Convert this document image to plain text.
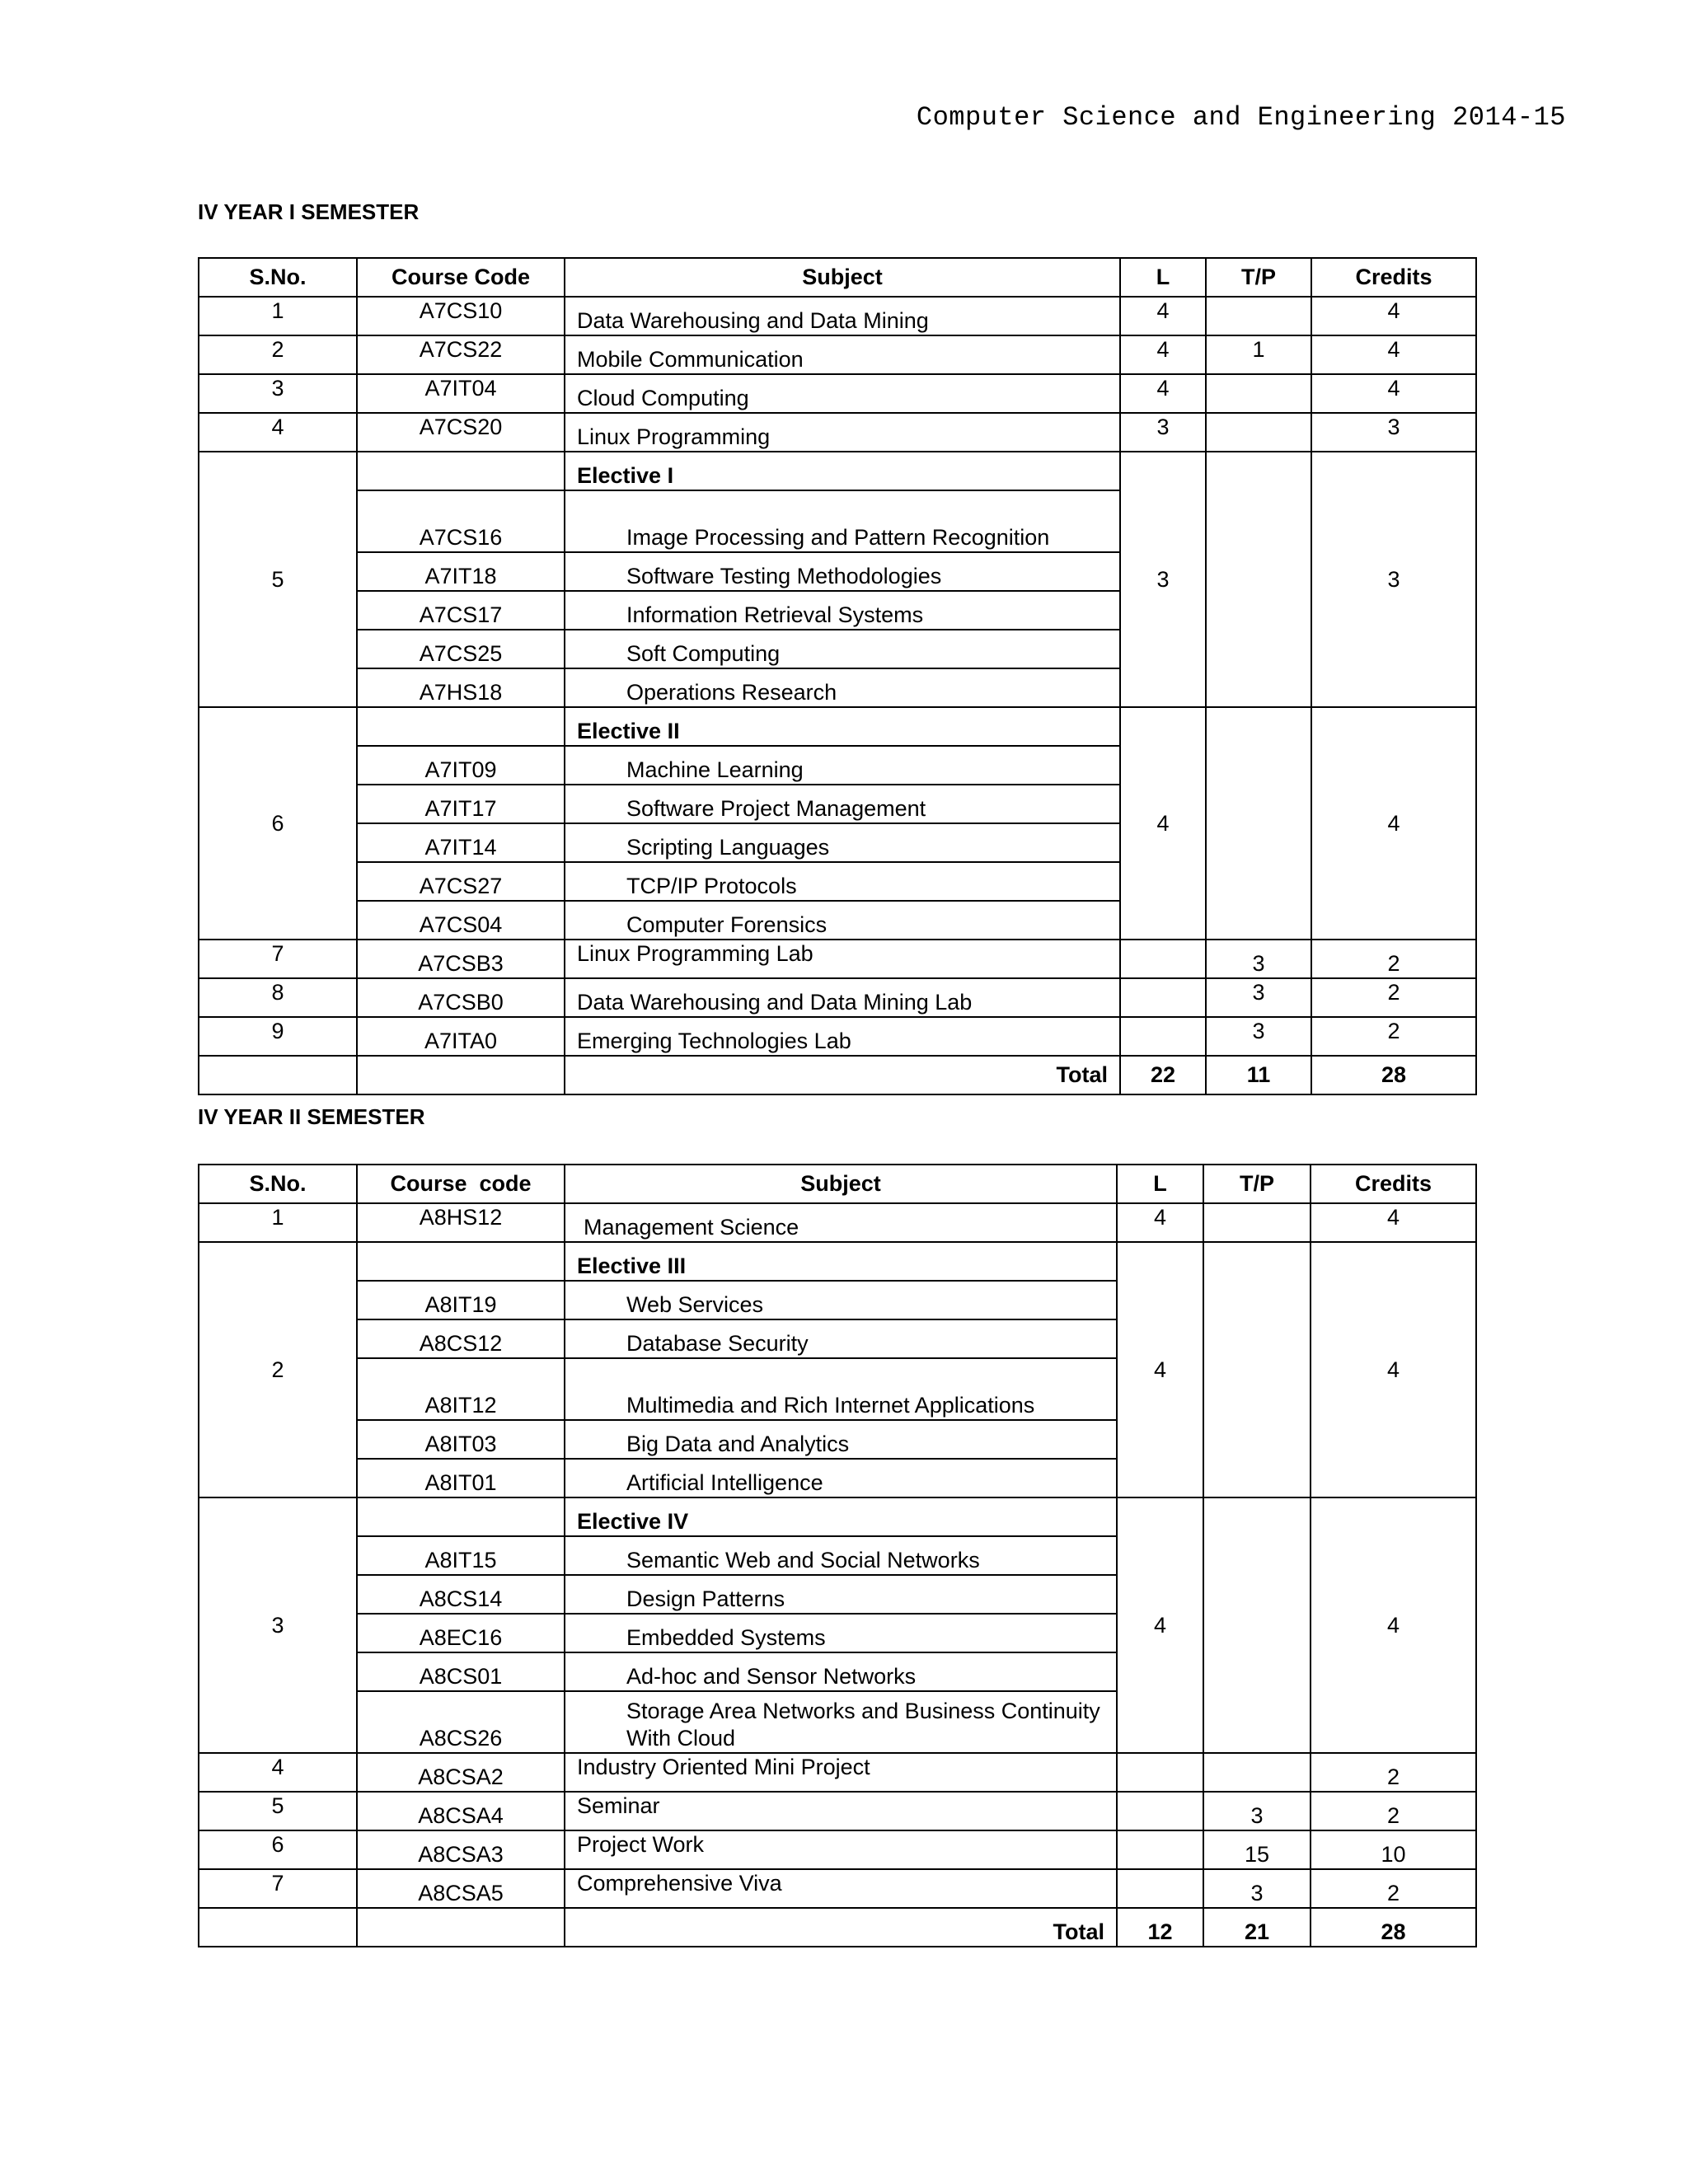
Computer Science and Engineering 2014-15
IV YEAR I SEMESTER
S.No.	Course Code	Subject	L	T/P	Credits
1	A7CS10	Data Warehousing and Data Mining	4		4
2	A7CS22	Mobile Communication	4	1	4
3	A7IT04	Cloud Computing	4		4
4	A7CS20	Linux Programming	3		3
5		Elective I	3		3
	A7CS16	Image Processing and Pattern Recognition			
	A7IT18	Software Testing Methodologies			
	A7CS17	Information Retrieval Systems			
	A7CS25	Soft Computing			
	A7HS18	Operations Research			
6		Elective II	4		4
	A7IT09	Machine Learning			
	A7IT17	Software Project Management			
	A7IT14	Scripting Languages			
	A7CS27	TCP/IP Protocols			
	A7CS04	Computer Forensics			
7	A7CSB3	Linux Programming Lab		3	2
8	A7CSB0	Data Warehousing and Data Mining Lab		3	2
9	A7ITA0	Emerging Technologies Lab		3	2
		Total	22	11	28
IV YEAR II SEMESTER
S.No.	Course  code	Subject	L	T/P	Credits
1	A8HS12	Management Science	4		4
2		Elective III	4		4
	A8IT19	Web Services			
	A8CS12	Database Security			
	A8IT12	Multimedia and Rich Internet Applications			
	A8IT03	Big Data and Analytics			
	A8IT01	Artificial Intelligence			
3		Elective IV	4		4
	A8IT15	Semantic Web and Social Networks			
	A8CS14	Design Patterns			
	A8EC16	Embedded Systems			
	A8CS01	Ad-hoc and Sensor Networks			
	A8CS26	Storage Area Networks and Business Continuity With Cloud			
4	A8CSA2	Industry Oriented Mini Project			2
5	A8CSA4	Seminar		3	2
6	A8CSA3	Project Work		15	10
7	A8CSA5	Comprehensive Viva		3	2
		Total	12	21	28
